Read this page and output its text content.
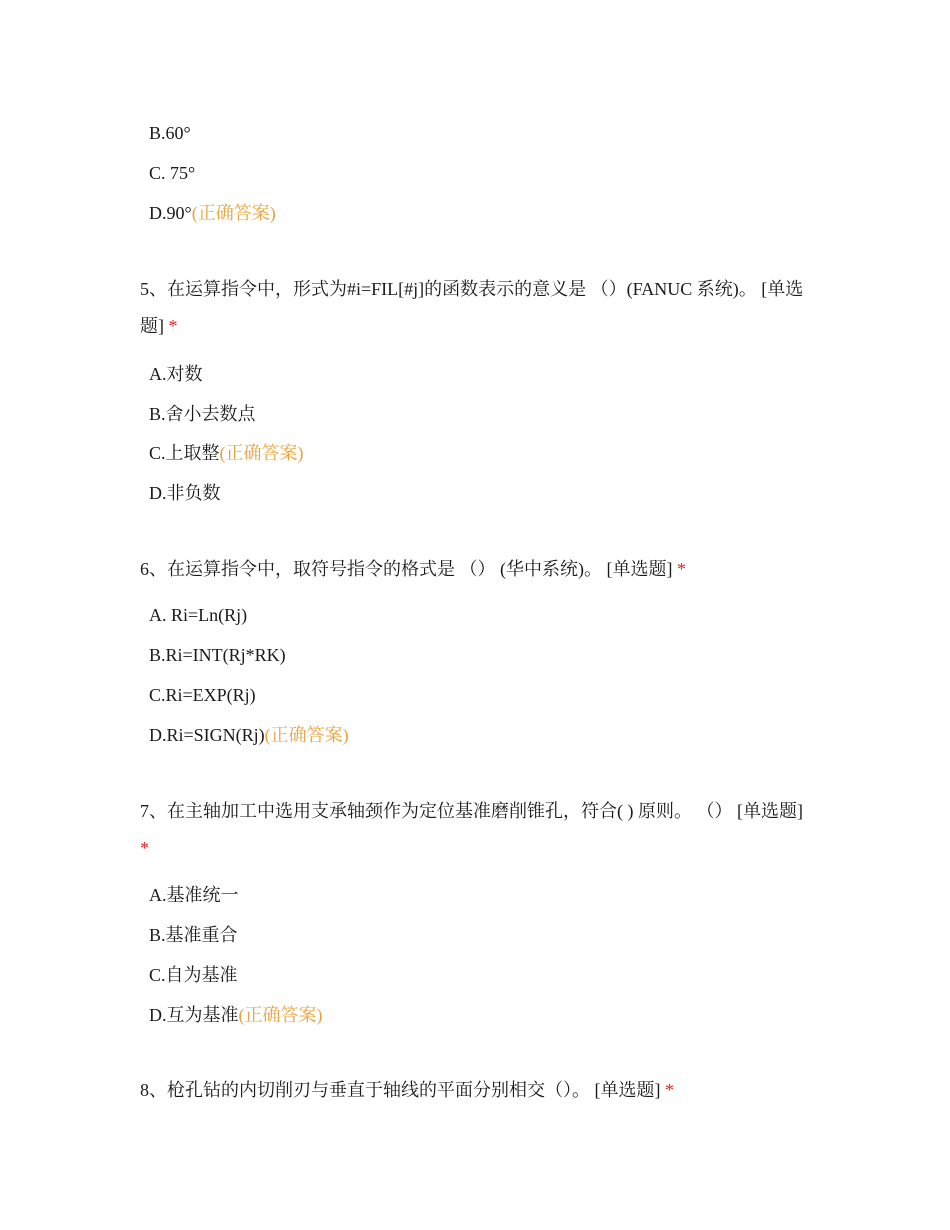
B.60°
C. 75°
D.90°(正确答案)
5、在运算指令中，形式为#i=FIL[#j]的函数表示的意义是 （）(FANUC 系统)。 [单选题] *
A.对数
B.舍小去数点
C.上取整(正确答案)
D.非负数
6、在运算指令中，取符号指令的格式是 （） (华中系统)。 [单选题] *
A. Ri=Ln(Rj)
B.Ri=INT(Rj*RK)
C.Ri=EXP(Rj)
D.Ri=SIGN(Rj)(正确答案)
7、在主轴加工中选用支承轴颈作为定位基准磨削锥孔，符合( ) 原则。 （） [单选题] *
A.基准统一
B.基准重合
C.自为基准
D.互为基准(正确答案)
8、枪孔钻的内切削刃与垂直于轴线的平面分别相交（）。 [单选题] *
